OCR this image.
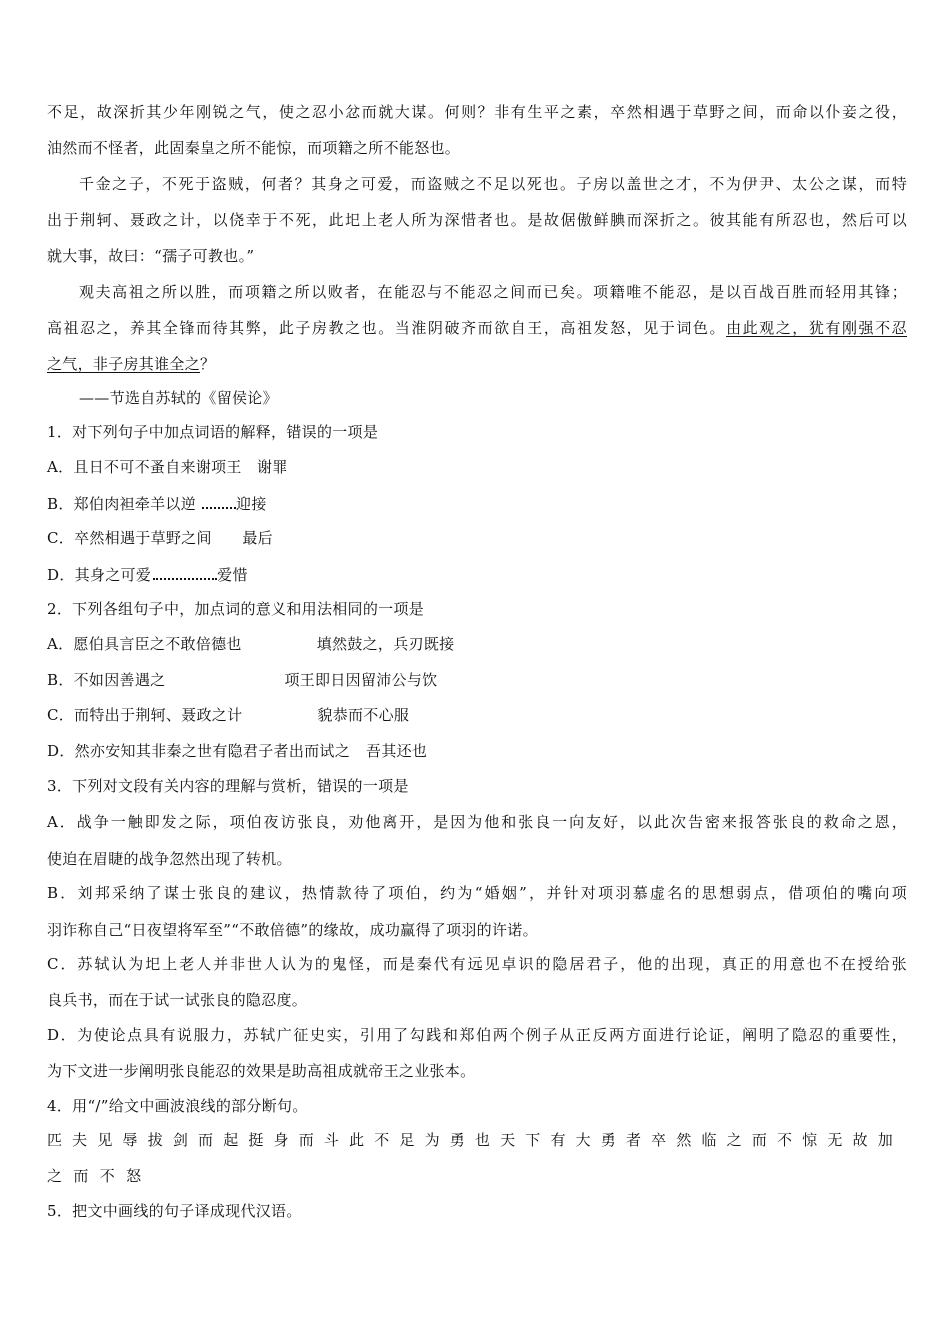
不足，故深折其少年刚锐之气，使之忍小忿而就大谋。何则？非有生平之素，卒然相遇于草野之间，而命以仆妾之役，
油然而不怪者，此固秦皇之所不能惊，而项籍之所不能怒也。
千金之子，不死于盗贼，何者？其身之可爱，而盗贼之不足以死也。子房以盖世之才，不为伊尹、太公之谋，而特
出于荆轲、聂政之计，以侥幸于不死，此圯上老人所为深惜者也。是故倨傲鲜腆而深折之。彼其能有所忍也，然后可以
就大事，故曰：“孺子可教也。”
观夫高祖之所以胜，而项籍之所以败者，在能忍与不能忍之间而已矣。项籍唯不能忍，是以百战百胜而轻用其锋；
高祖忍之，养其全锋而待其弊，此子房教之也。当淮阴破齐而欲自王，高祖发怒，见于词色。由此观之，犹有刚强不忍
之气，非子房其谁全之？
——节选自苏轼的《留侯论》
1．对下列句子中加点词语的解释，错误的一项是
A．且日不可不蚤自来谢项王　谢罪
B．郑伯肉袒牵羊以逆	迎接
C．卒然相遇于草野之间　　最后
D．其身之可爱	爱惜
2．下列各组句子中，加点词的意义和用法相同的一项是
A．愿伯具言臣之不敢倍德也	填然鼓之，兵刃既接
B．不如因善遇之	项王即日因留沛公与饮
C．而特出于荆轲、聂政之计	貌恭而不心服
D．然亦安知其非秦之世有隐君子者出而试之 吾其还也
3．下列对文段有关内容的理解与赏析，错误的一项是
A．战争一触即发之际，项伯夜访张良，劝他离开，是因为他和张良一向友好，以此次告密来报答张良的救命之恩，
使迫在眉睫的战争忽然出现了转机。
B．刘邦采纳了谋士张良的建议，热情款待了项伯，约为“婚姻”，并针对项羽慕虚名的思想弱点，借项伯的嘴向项
羽诈称自己“日夜望将军至”“不敢倍德”的缘故，成功赢得了项羽的许诺。
C．苏轼认为圯上老人并非世人认为的鬼怪，而是秦代有远见卓识的隐居君子，他的出现，真正的用意也不在授给张
良兵书，而在于试一试张良的隐忍度。
D．为使论点具有说服力，苏轼广征史实，引用了勾践和郑伯两个例子从正反两方面进行论证，阐明了隐忍的重要性，
为下文进一步阐明张良能忍的效果是助高祖成就帝王之业张本。
4．用“/”给文中画波浪线的部分断句。
匹 夫 见 辱 拔 剑 而 起 挺 身 而 斗 此 不 足 为 勇 也 天 下 有 大 勇 者 卒 然 临 之 而 不 惊 无 故 加
之 而 不 怒
5．把文中画线的句子译成现代汉语。
